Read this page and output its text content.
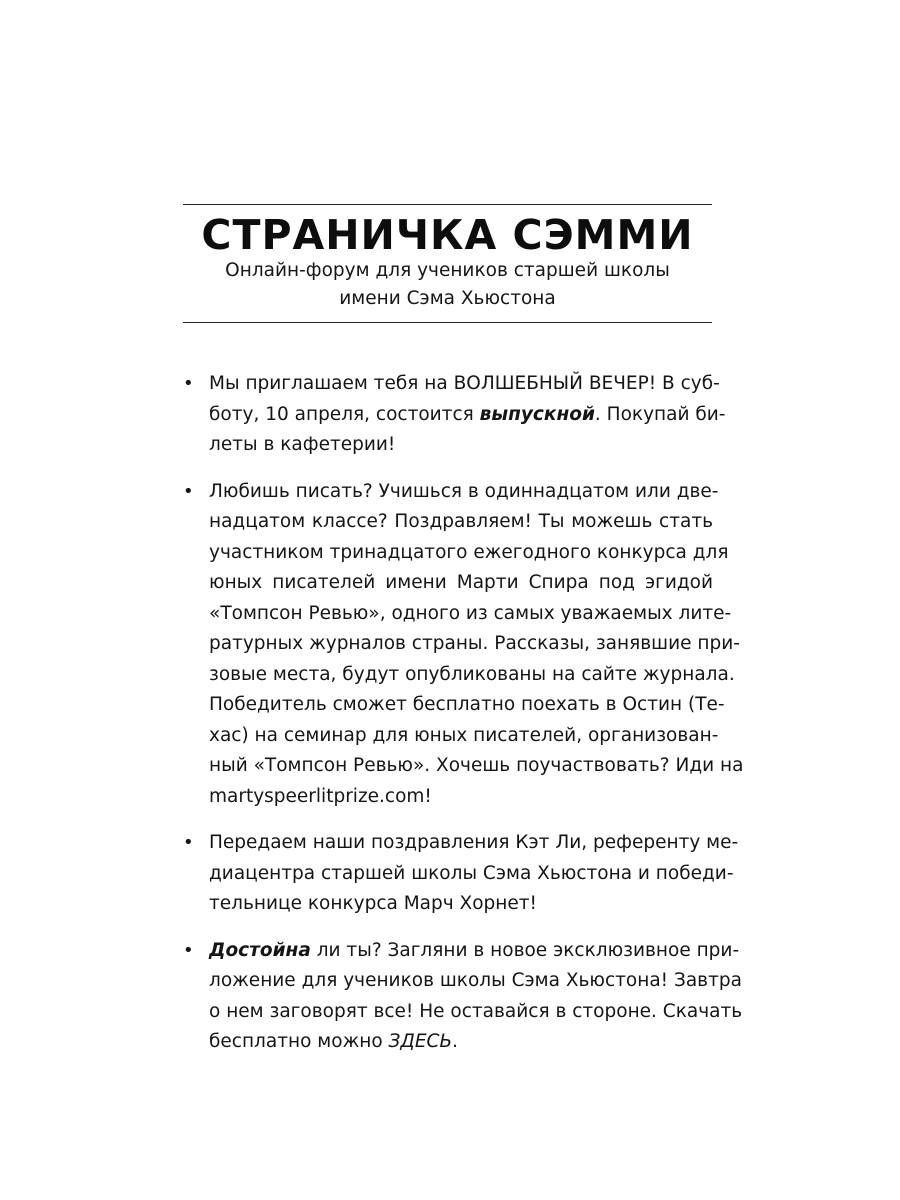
СТРАНИЧКА СЭММИ
Онлайн-форум для учеников старшей школы
имени Сэма Хьюстона
• Мы приглашаем тебя на ВОЛШЕБНЫЙ ВЕЧЕР! В суб-
боту, 10 апреля, состоится выпускной. Покупай би-
леты в кафетерии!
• Любишь писать? Учишься в одиннадцатом или две-
надцатом классе? Поздравляем! Ты можешь стать
участником тринадцатого ежегодного конкурса для
юных писателей имени Марти Спира под эгидой
«Томпсон Ревью», одного из самых уважаемых лите-
ратурных журналов страны. Рассказы, занявшие при-
зовые места, будут опубликованы на сайте журнала.
Победитель сможет бесплатно поехать в Остин (Те-
хас) на семинар для юных писателей, организован-
ный «Томпсон Ревью». Хочешь поучаствовать? Иди на
martyspeerlitprize.com!
• Передаем наши поздравления Кэт Ли, референту ме-
диацентра старшей школы Сэма Хьюстона и победи-
тельнице конкурса Марч Хорнет!
• Достойна ли ты? Загляни в новое эксклюзивное при-
ложение для учеников школы Сэма Хьюстона! Завтра
о нем заговорят все! Не оставайся в стороне. Скачать
бесплатно можно ЗДЕСЬ.
